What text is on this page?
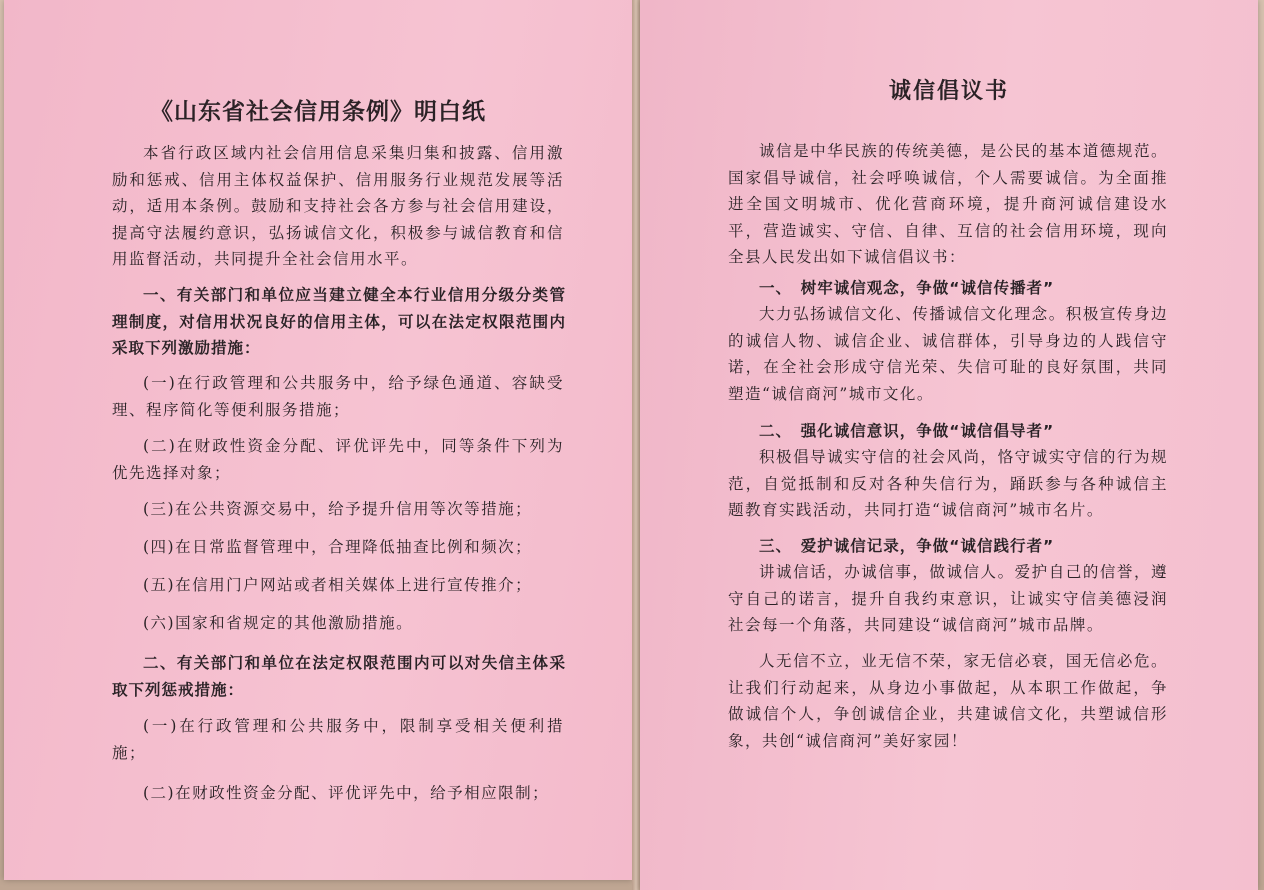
《山东省社会信用条例》明白纸

本省行政区域内社会信用信息采集归集和披露、信用激励和惩戒、信用主体权益保护、信用服务行业规范发展等活动，适用本条例。鼓励和支持社会各方参与社会信用建设，提高守法履约意识，弘扬诚信文化，积极参与诚信教育和信用监督活动，共同提升全社会信用水平。

一、有关部门和单位应当建立健全本行业信用分级分类管理制度，对信用状况良好的信用主体，可以在法定权限范围内采取下列激励措施：

(一)在行政管理和公共服务中，给予绿色通道、容缺受理、程序简化等便利服务措施；

(二)在财政性资金分配、评优评先中，同等条件下列为优先选择对象；

(三)在公共资源交易中，给予提升信用等次等措施；

(四)在日常监督管理中，合理降低抽查比例和频次；

(五)在信用门户网站或者相关媒体上进行宣传推介；

(六)国家和省规定的其他激励措施。

二、有关部门和单位在法定权限范围内可以对失信主体采取下列惩戒措施：

(一)在行政管理和公共服务中，限制享受相关便利措施；

(二)在财政性资金分配、评优评先中，给予相应限制；

诚信倡议书

诚信是中华民族的传统美德，是公民的基本道德规范。国家倡导诚信，社会呼唤诚信，个人需要诚信。为全面推进全国文明城市、优化营商环境，提升商河诚信建设水平，营造诚实、守信、自律、互信的社会信用环境，现向全县人民发出如下诚信倡议书：

一、　树牢诚信观念，争做“诚信传播者”

大力弘扬诚信文化、传播诚信文化理念。积极宣传身边的诚信人物、诚信企业、诚信群体，引导身边的人践信守诺，在全社会形成守信光荣、失信可耻的良好氛围，共同塑造“诚信商河”城市文化。

二、　强化诚信意识，争做“诚信倡导者”

积极倡导诚实守信的社会风尚，恪守诚实守信的行为规范，自觉抵制和反对各种失信行为，踊跃参与各种诚信主题教育实践活动，共同打造“诚信商河”城市名片。

三、　爱护诚信记录，争做“诚信践行者”

讲诚信话，办诚信事，做诚信人。爱护自己的信誉，遵守自己的诺言，提升自我约束意识，让诚实守信美德浸润社会每一个角落，共同建设“诚信商河”城市品牌。

人无信不立，业无信不荣，家无信必衰，国无信必危。让我们行动起来，从身边小事做起，从本职工作做起，争做诚信个人，争创诚信企业，共建诚信文化，共塑诚信形象，共创“诚信商河”美好家园！
